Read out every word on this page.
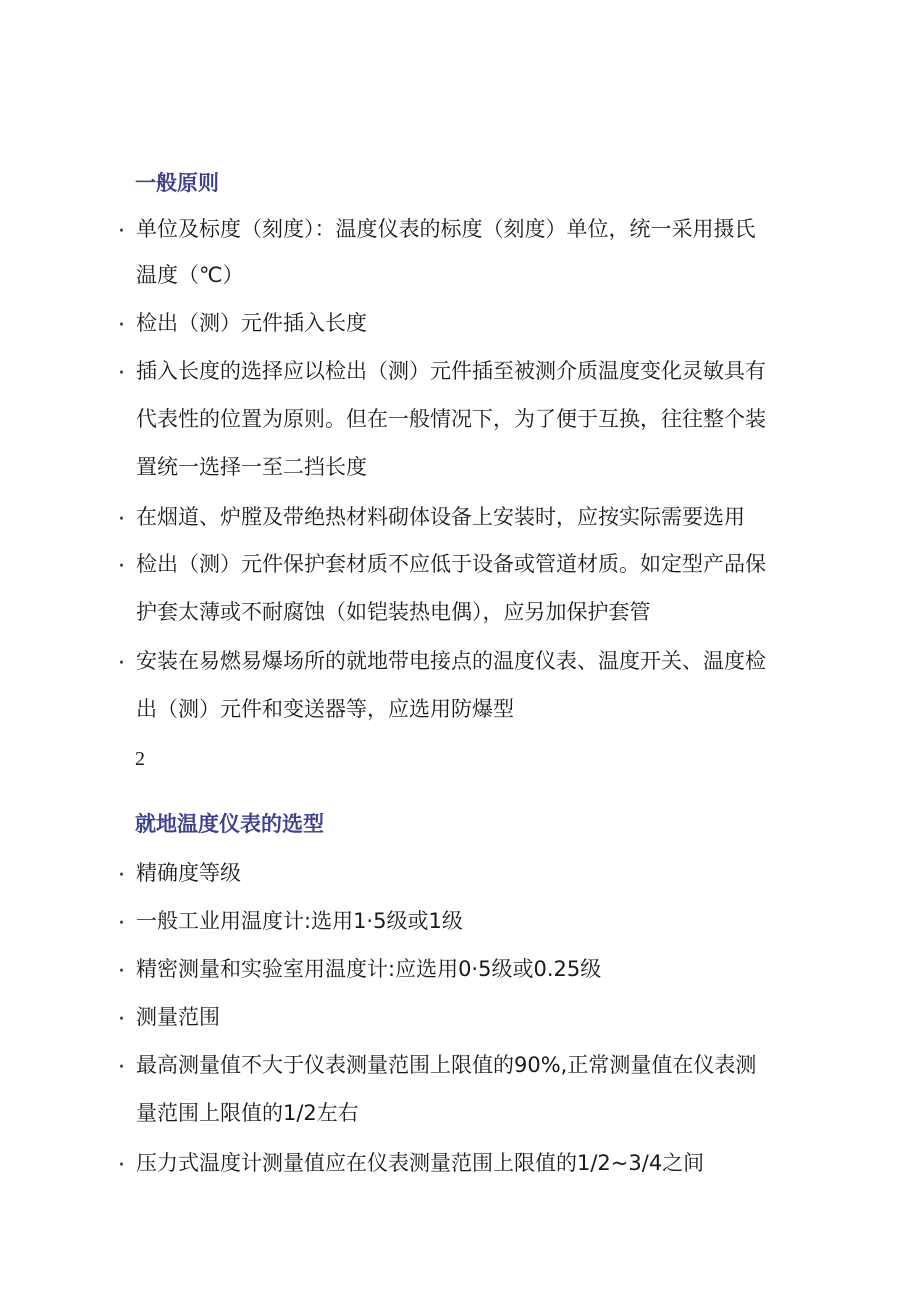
一般原则
· 单位及标度（刻度）：温度仪表的标度（刻度）单位，统一采用摄氏
温度（℃）
· 检出（测）元件插入长度
· 插入长度的选择应以检出（测）元件插至被测介质温度变化灵敏具有
代表性的位置为原则。但在一般情况下，为了便于互换，往往整个装
置统一选择一至二挡长度
· 在烟道、炉膛及带绝热材料砌体设备上安装时，应按实际需要选用
· 检出（测）元件保护套材质不应低于设备或管道材质。如定型产品保
护套太薄或不耐腐蚀（如铠装热电偶），应另加保护套管
· 安装在易燃易爆场所的就地带电接点的温度仪表、温度开关、温度检
出（测）元件和变送器等，应选用防爆型
2
就地温度仪表的选型
· 精确度等级
· 一般工业用温度计:选用1·5级或1级
· 精密测量和实验室用温度计:应选用0·5级或0.25级
· 测量范围
· 最高测量值不大于仪表测量范围上限值的90%,正常测量值在仪表测
量范围上限值的1/2左右
· 压力式温度计测量值应在仪表测量范围上限值的1/2~3/4之间
